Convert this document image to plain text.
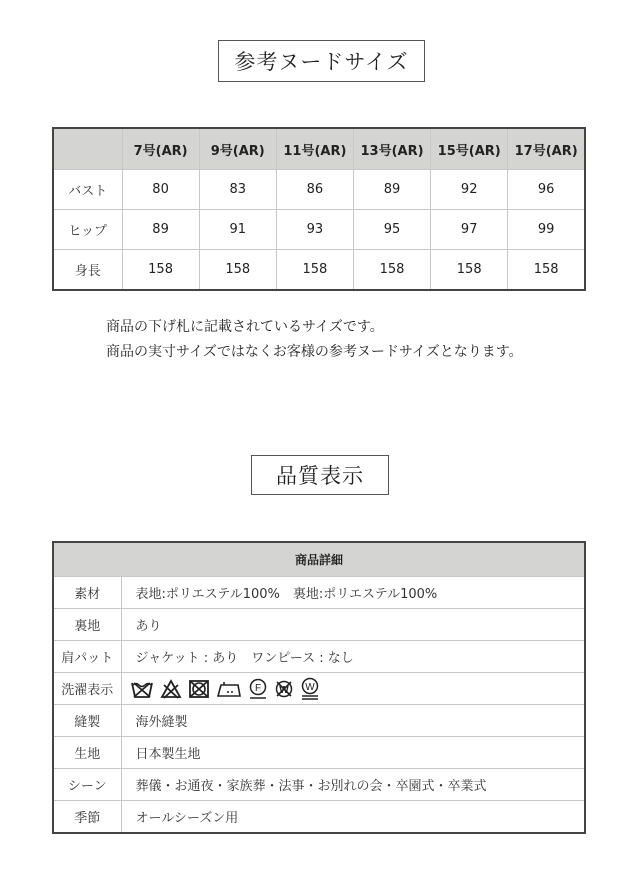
参考ヌードサイズ
	7号(AR)	9号(AR)	11号(AR)	13号(AR)	15号(AR)	17号(AR)
バスト	80	83	86	89	92	96
ヒップ	89	91	93	95	97	99
身長	158	158	158	158	158	158
商品の下げ札に記載されているサイズです。
商品の実寸サイズではなくお客様の参考ヌードサイズとなります。
品質表示
商品詳細	
素材	表地:ポリエステル100%　裏地:ポリエステル100%
裏地	あり
肩パット	ジャケット : あり　ワンピース : なし
洗濯表示	F W W

縫製	海外縫製
生地	日本製生地
シーン	葬儀・お通夜・家族葬・法事・お別れの会・卒園式・卒業式
季節	オールシーズン用
